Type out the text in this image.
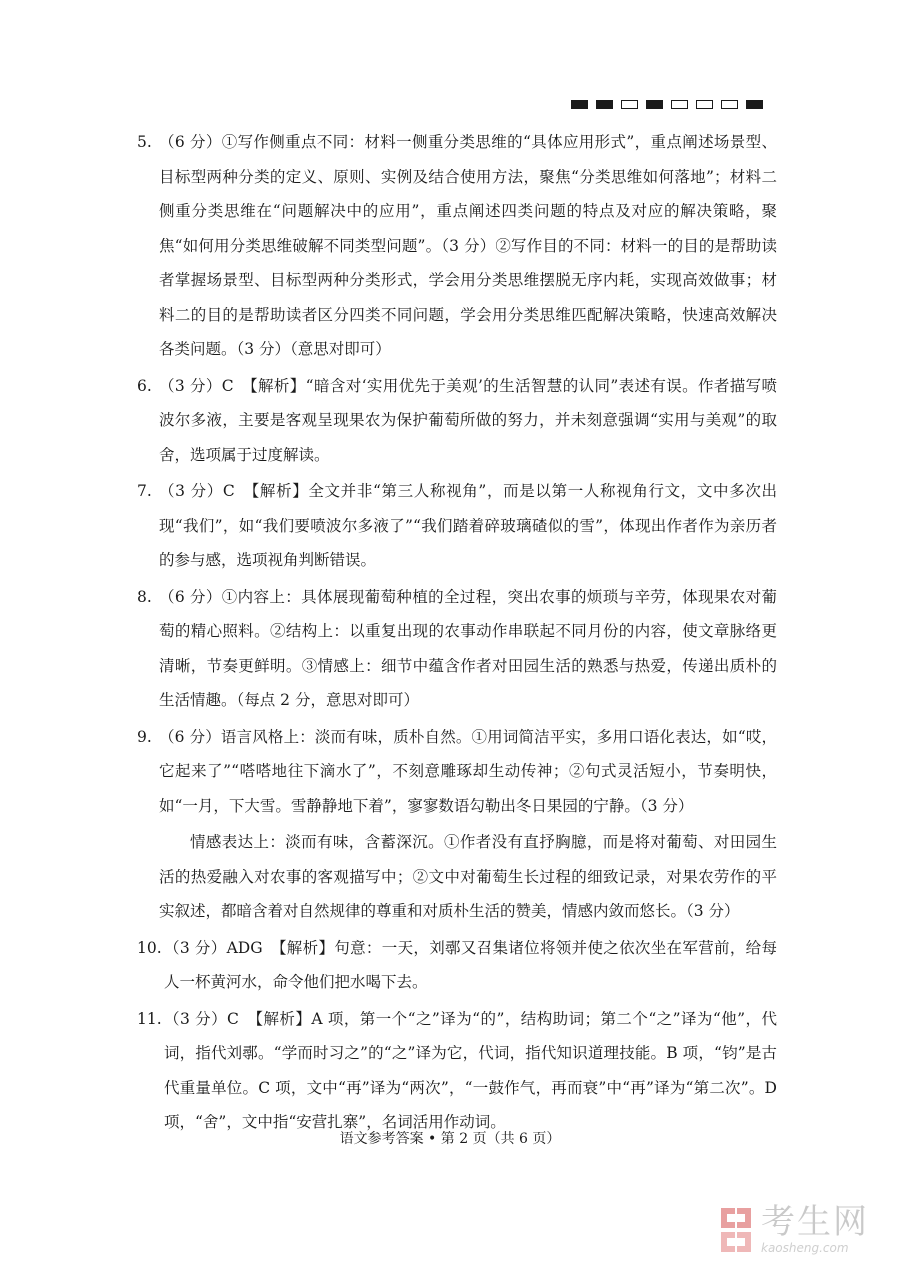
5. （6 分）①写作侧重点不同：材料一侧重分类思维的“具体应用形式”，重点阐述场景型、目标型两种分类的定义、原则、实例及结合使用方法，聚焦“分类思维如何落地”；材料二侧重分类思维在“问题解决中的应用”，重点阐述四类问题的特点及对应的解决策略，聚焦“如何用分类思维破解不同类型问题”。（3 分）②写作目的不同：材料一的目的是帮助读者掌握场景型、目标型两种分类形式，学会用分类思维摆脱无序内耗，实现高效做事；材料二的目的是帮助读者区分四类不同问题，学会用分类思维匹配解决策略，快速高效解决各类问题。（3 分）（意思对即可）
6. （3 分）C　【解析】“暗含对‘实用优先于美观’的生活智慧的认同”表述有误。作者描写喷波尔多液，主要是客观呈现果农为保护葡萄所做的努力，并未刻意强调“实用与美观”的取舍，选项属于过度解读。
7. （3 分）C　【解析】全文并非“第三人称视角”，而是以第一人称视角行文，文中多次出现“我们”，如“我们要喷波尔多液了”“我们踏着碎玻璃碴似的雪”，体现出作者作为亲历者的参与感，选项视角判断错误。
8. （6 分）①内容上：具体展现葡萄种植的全过程，突出农事的烦琐与辛劳，体现果农对葡萄的精心照料。②结构上：以重复出现的农事动作串联起不同月份的内容，使文章脉络更清晰，节奏更鲜明。③情感上：细节中蕴含作者对田园生活的熟悉与热爱，传递出质朴的生活情趣。（每点 2 分，意思对即可）
9. （6 分）语言风格上：淡而有味，质朴自然。①用词简洁平实，多用口语化表达，如“哎，它起来了”“嗒嗒地往下滴水了”，不刻意雕琢却生动传神；②句式灵活短小，节奏明快，如“一月，下大雪。雪静静地下着”，寥寥数语勾勒出冬日果园的宁静。（3 分）
情感表达上：淡而有味，含蓄深沉。①作者没有直抒胸臆，而是将对葡萄、对田园生活的热爱融入对农事的客观描写中；②文中对葡萄生长过程的细致记录，对果农劳作的平实叙述，都暗含着对自然规律的尊重和对质朴生活的赞美，情感内敛而悠长。（3 分）
10. （3 分）ADG　【解析】句意：一天，刘鄩又召集诸位将领并使之依次坐在军营前，给每人一杯黄河水，命令他们把水喝下去。
11. （3 分）C　【解析】A 项，第一个“之”译为“的”，结构助词；第二个“之”译为“他”，代词，指代刘鄩。“学而时习之”的“之”译为它，代词，指代知识道理技能。B 项，“钧”是古代重量单位。C 项，文中“再”译为“两次”，“一鼓作气，再而衰”中“再”译为“第二次”。D 项，“舍”，文中指“安营扎寨”，名词活用作动词。
语文参考答案 • 第 2 页（共 6 页）
考生网
kaosheng.com
